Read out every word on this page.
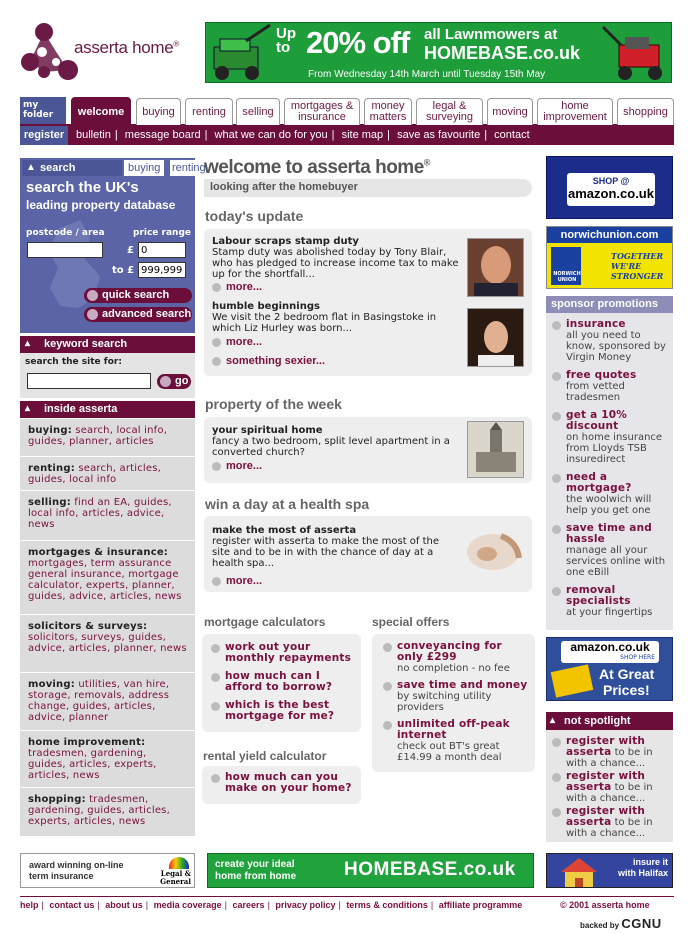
asserta home®
Up
to 20% off all Lawnmowers at
HOMEBASE.co.uk
From Wednesday 14th March until Tuesday 15th May
my folder	welcome	buying	renting	selling	mortgages & insurance
money matters
legal & surveying	moving	home improvement	shopping
register	bulletin | message board | what we can do for you | site map | save as favourite | contact
▲ search	buying	renting
search the UK's
leading property database
postcode / area	price range
£
0
to £
999,999
quick search
advanced search
▴	keyword search
search the site for:
go
▴	inside asserta
buying: search, local info, guides, planner, articles
renting: search, articles, guides, local info
selling: find an EA, guides, local info, articles, advice, news
mortgages & insurance: mortgages, term assurance general insurance, mortgage calculator, experts, planner, guides, advice, articles, news
solicitors & surveys: solicitors, surveys, guides, advice, articles, planner, news
moving: utilities, van hire, storage, removals, address change, guides, articles, advice, planner
home improvement: tradesmen, gardening, guides, articles, experts, articles, news
shopping: tradesmen, gardening, guides, articles, experts, articles, news
welcome to asserta home®
looking after the homebuyer
today's update
Labour scraps stamp duty
Stamp duty was abolished today by Tony Blair, who has pledged to increase income tax to make up for the shortfall...
more...
humble beginnings
We visit the 2 bedroom flat in Basingstoke in which Liz Hurley was born...
more...
something sexier...
property of the week
your spiritual home
fancy a two bedroom, split level apartment in a converted church?
more...
win a day at a health spa
make the most of asserta
register with asserta to make the most of the site and to be in with the chance of day at a health spa...
more...
mortgage calculators
work out your monthly repayments
how much can I afford to borrow?
which is the best mortgage for me?
rental yield calculator
how much can you make on your home?
special offers
conveyancing for only £299
no completion - no fee
save time and money
by switching utility providers
unlimited off-peak internet
check out BT's great £14.99 a month deal
SHOP @
amazon.co.uk
norwichunion.com
NORWICH UNION
TOGETHER WE'RE STRONGER
sponsor promotions
insurance
all you need to know, sponsored by Virgin Money
free quotes
from vetted tradesmen
get a 10% discount
on home insurance from Lloyds TSB insuredirect
need a mortgage?
the woolwich will help you get one
save time and hassle
manage all your services online with one eBill
removal specialists
at your fingertips
amazon.co.uk
SHOP HERE
At Great
Prices!
▴ not spotlight
register with asserta to be in with a chance...
register with asserta to be in with a chance...
register with asserta to be in with a chance...
award winning on-line
term insurance	Legal & General
create your ideal
home from home	HOMEBASE.co.uk	insure it
with Halifax
help | contact us | about us | media coverage | careers | privacy policy | terms & conditions | affiliate programme	© 2001 asserta home
backed by CGNU
